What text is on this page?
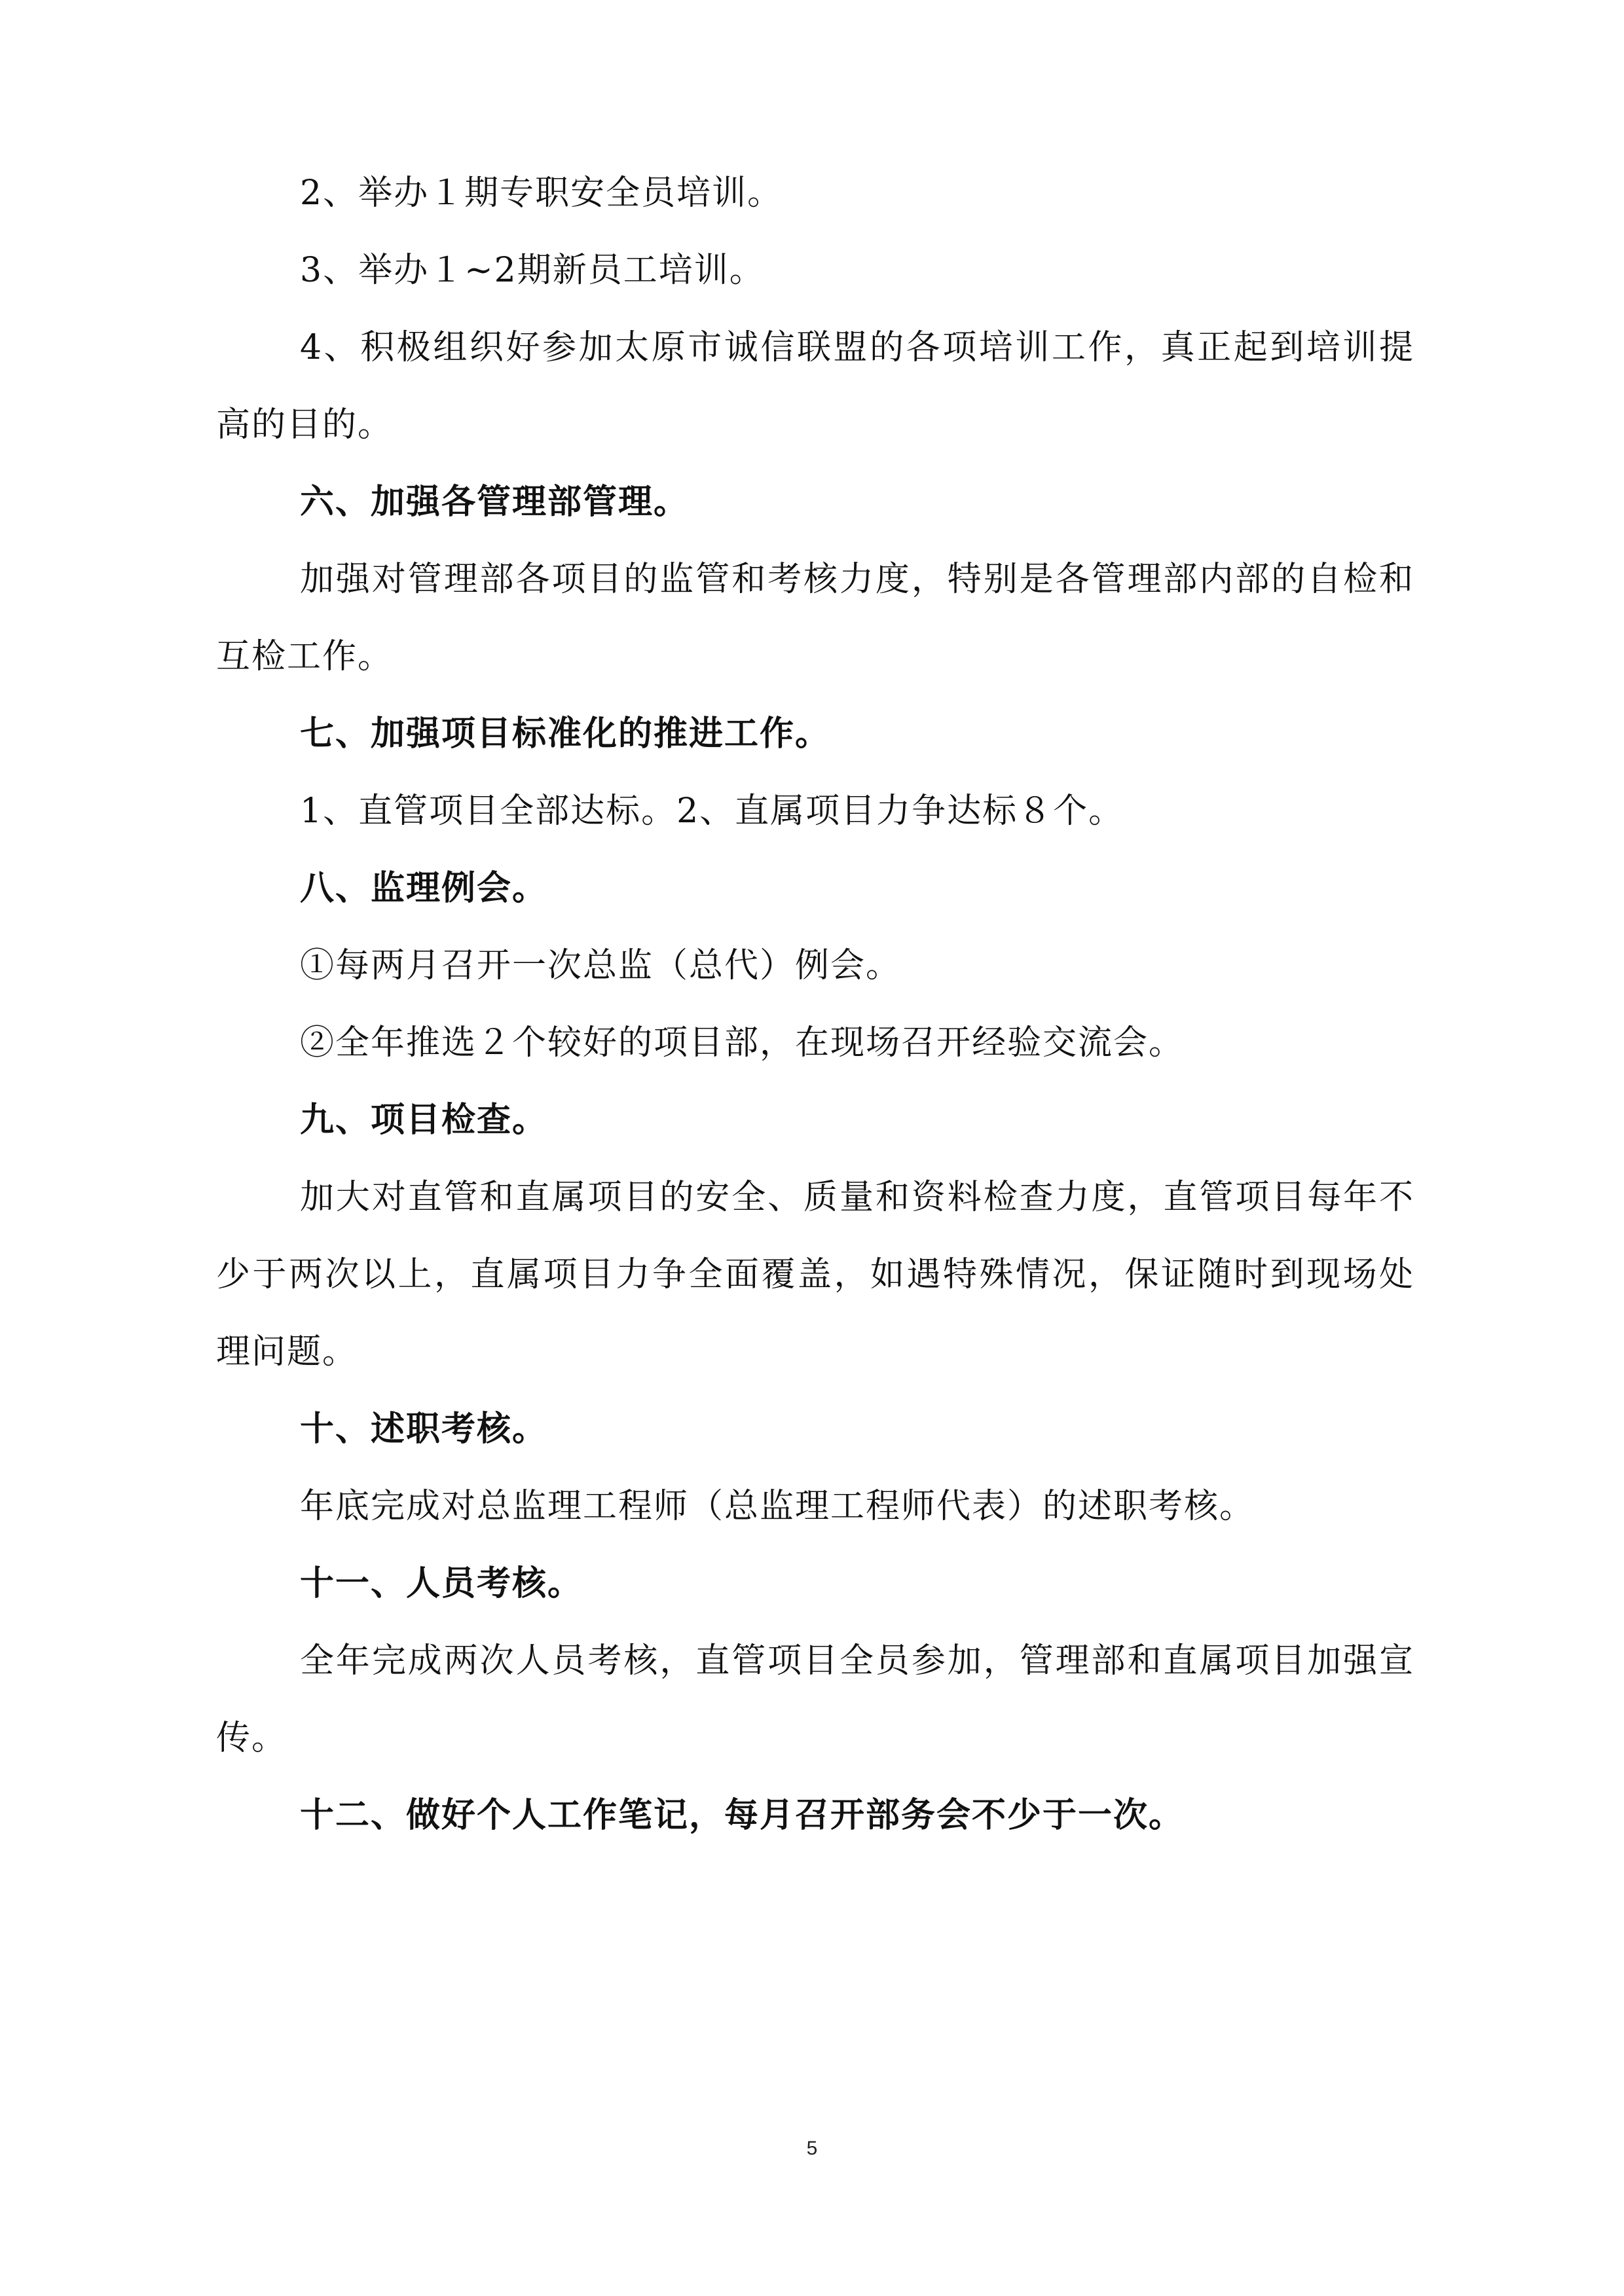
2、举办１期专职安全员培训。

3、举办１~2期新员工培训。

4、积极组织好参加太原市诚信联盟的各项培训工作，真正起到培训提高的目的。

六、加强各管理部管理。

加强对管理部各项目的监管和考核力度，特别是各管理部内部的自检和互检工作。

七、加强项目标准化的推进工作。

1、直管项目全部达标。2、直属项目力争达标８个。

八、监理例会。

①每两月召开一次总监（总代）例会。

②全年推选２个较好的项目部，在现场召开经验交流会。

九、项目检查。

加大对直管和直属项目的安全、质量和资料检查力度，直管项目每年不少于两次以上，直属项目力争全面覆盖，如遇特殊情况，保证随时到现场处理问题。

十、述职考核。

年底完成对总监理工程师（总监理工程师代表）的述职考核。

十一、人员考核。

全年完成两次人员考核，直管项目全员参加，管理部和直属项目加强宣传。

十二、做好个人工作笔记，每月召开部务会不少于一次。

5
